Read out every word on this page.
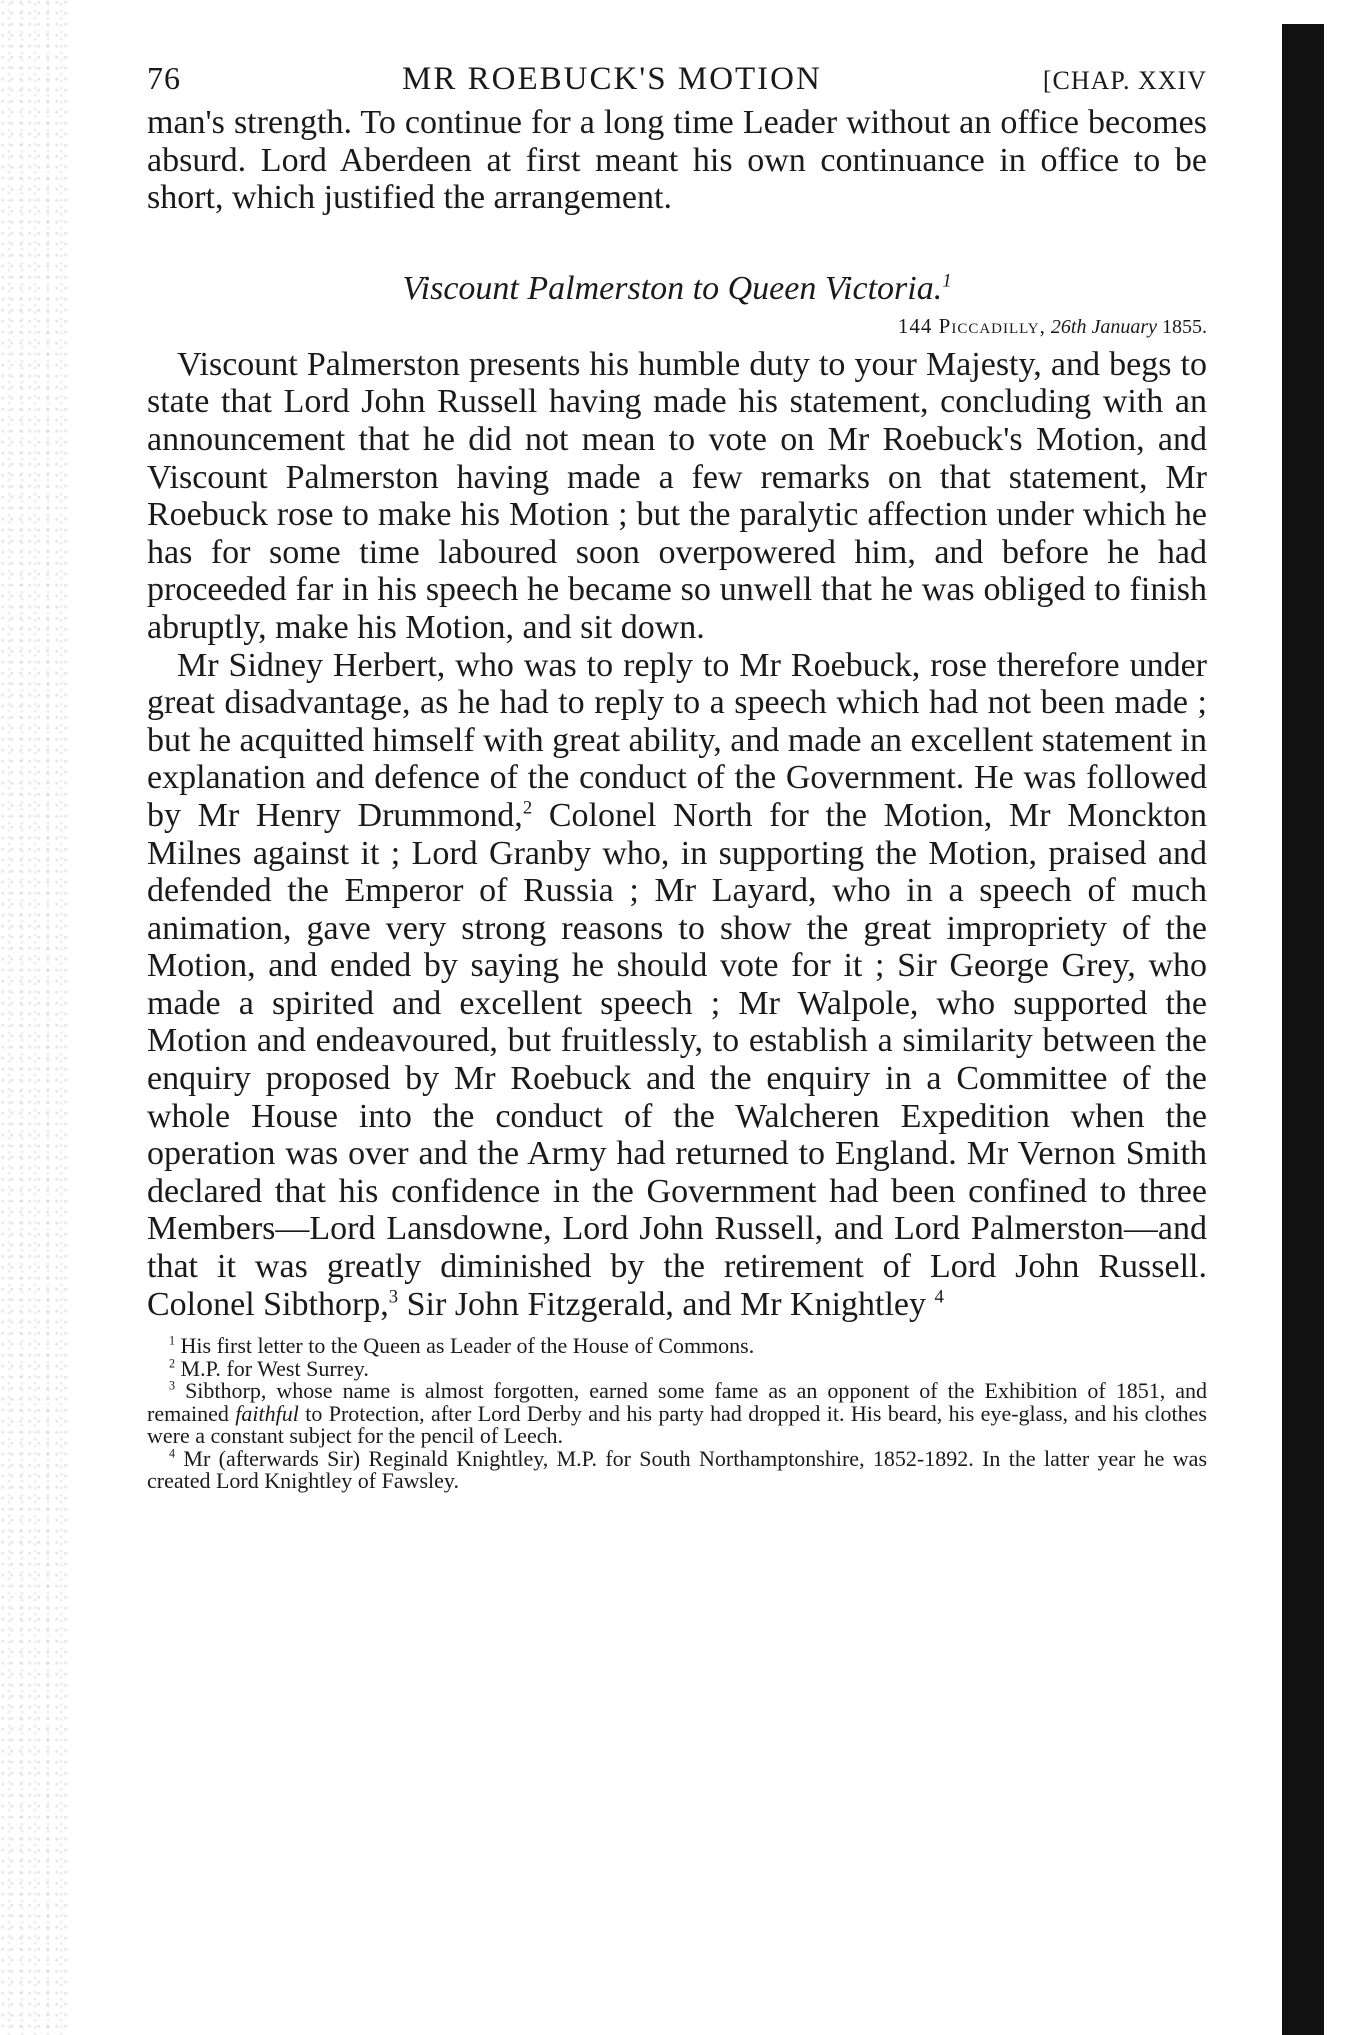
76	MR ROEBUCK'S MOTION	[CHAP. XXIV

man's strength. To continue for a long time Leader without an office becomes absurd. Lord Aberdeen at first meant his own continuance in office to be short, which justified the arrangement.

Viscount Palmerston to Queen Victoria.$^1$
144 Piccadilly, 26th January 1855.

Viscount Palmerston presents his humble duty to your Majesty, and begs to state that Lord John Russell having made his statement, concluding with an announcement that he did not mean to vote on Mr Roebuck's Motion, and Viscount Palmerston having made a few remarks on that statement, Mr Roebuck rose to make his Motion ; but the paralytic affection under which he has for some time laboured soon overpowered him, and before he had proceeded far in his speech he became so unwell that he was obliged to finish abruptly, make his Motion, and sit down.

Mr Sidney Herbert, who was to reply to Mr Roebuck, rose therefore under great disadvantage, as he had to reply to a speech which had not been made ; but he acquitted himself with great ability, and made an excellent statement in explanation and defence of the conduct of the Government. He was followed by Mr Henry Drummond,$^2$ Colonel North for the Motion, Mr Monckton Milnes against it ; Lord Granby who, in supporting the Motion, praised and defended the Emperor of Russia ; Mr Layard, who in a speech of much animation, gave very strong reasons to show the great impropriety of the Motion, and ended by saying he should vote for it ; Sir George Grey, who made a spirited and excellent speech ; Mr Walpole, who supported the Motion and endeavoured, but fruitlessly, to establish a similarity between the enquiry proposed by Mr Roebuck and the enquiry in a Committee of the whole House into the conduct of the Walcheren Expedition when the operation was over and the Army had returned to England. Mr Vernon Smith declared that his confidence in the Government had been confined to three Members—Lord Lansdowne, Lord John Russell, and Lord Palmerston—and that it was greatly diminished by the retirement of Lord John Russell. Colonel Sibthorp,$^3$ Sir John Fitzgerald, and Mr Knightley $^4$

$^1$ His first letter to the Queen as Leader of the House of Commons.

$^2$ M.P. for West Surrey.

$^3$ Sibthorp, whose name is almost forgotten, earned some fame as an opponent of the Exhibition of 1851, and remained faithful to Protection, after Lord Derby and his party had dropped it. His beard, his eye-glass, and his clothes were a constant subject for the pencil of Leech.

$^4$ Mr (afterwards Sir) Reginald Knightley, M.P. for South Northamptonshire, 1852-1892. In the latter year he was created Lord Knightley of Fawsley.
